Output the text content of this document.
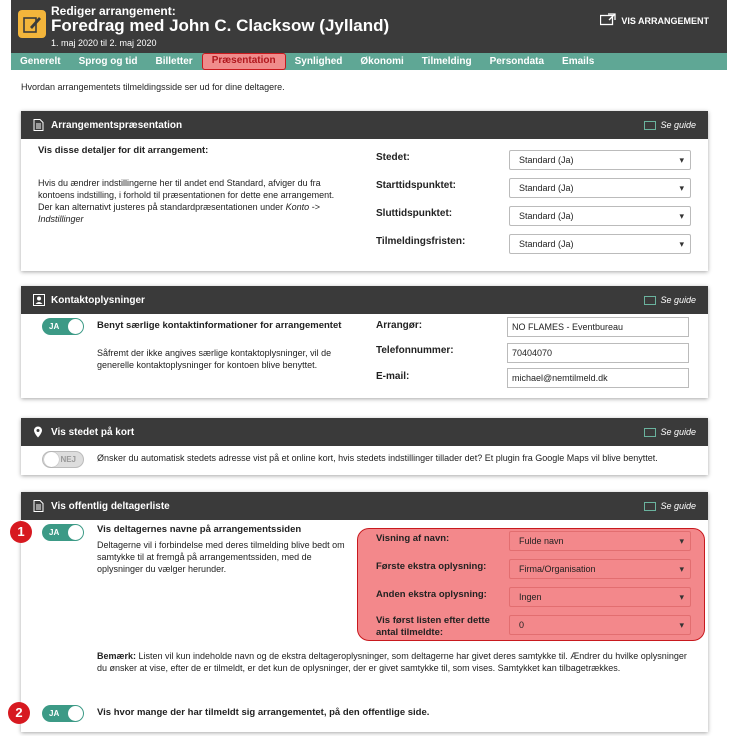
Rediger arrangement:
Foredrag med John C. Clacksow (Jylland)
1. maj 2020 til 2. maj 2020
VIS ARRANGEMENT
Generelt	Sprog og tid	Billetter	Præsentation	Synlighed	Økonomi	Tilmelding	Persondata	Emails
Hvordan arrangementets tilmeldingsside ser ud for dine deltagere.
Arrangementspræsentation	Se guide
Vis disse detaljer for dit arrangement:
Hvis du ændrer indstillingerne her til andet end Standard, afviger du fra kontoens indstilling, i forhold til præsentationen for dette ene arrangement. Der kan alternativt justeres på standardpræsentationen under Konto -> Indstillinger
Stedet:	Standard (Ja) ▾
Starttidspunktet:	Standard (Ja) ▾
Sluttidspunktet:	Standard (Ja) ▾
Tilmeldingsfristen:	Standard (Ja) ▾
Kontaktoplysninger	Se guide
JA	Benyt særlige kontaktinformationer for arrangementet
Såfremt der ikke angives særlige kontaktoplysninger, vil de generelle kontaktoplysninger for kontoen blive benyttet.
Arrangør:	NO FLAMES - Eventbureau
Telefonnummer:	70404070
E-mail:	michael@nemtilmeld.dk
Vis stedet på kort	Se guide
NEJ Ønsker du automatisk stedets adresse vist på et online kort, hvis stedets indstillinger tillader det? Et plugin fra Google Maps vil blive benyttet.
Vis offentlig deltagerliste	Se guide
1	JA	Vis deltagernes navne på arrangementssiden
Deltagerne vil i forbindelse med deres tilmelding blive bedt om samtykke til at fremgå på arrangementssiden, med de oplysninger du vælger herunder.
Visning af navn:	Fulde navn ▾
Første ekstra oplysning:	Firma/Organisation ▾
Anden ekstra oplysning:	Ingen ▾
Vis først listen efter dette antal tilmeldte:
0 ▾
Bemærk: Listen vil kun indeholde navn og de ekstra deltageroplysninger, som deltagerne har givet deres samtykke til. Ændrer du hvilke oplysninger du ønsker at vise, efter de er tilmeldt, er det kun de oplysninger, der er givet samtykke til, som vises. Samtykket kan tilbagetrækkes.
2	JA	Vis hvor mange der har tilmeldt sig arrangementet, på den offentlige side.
